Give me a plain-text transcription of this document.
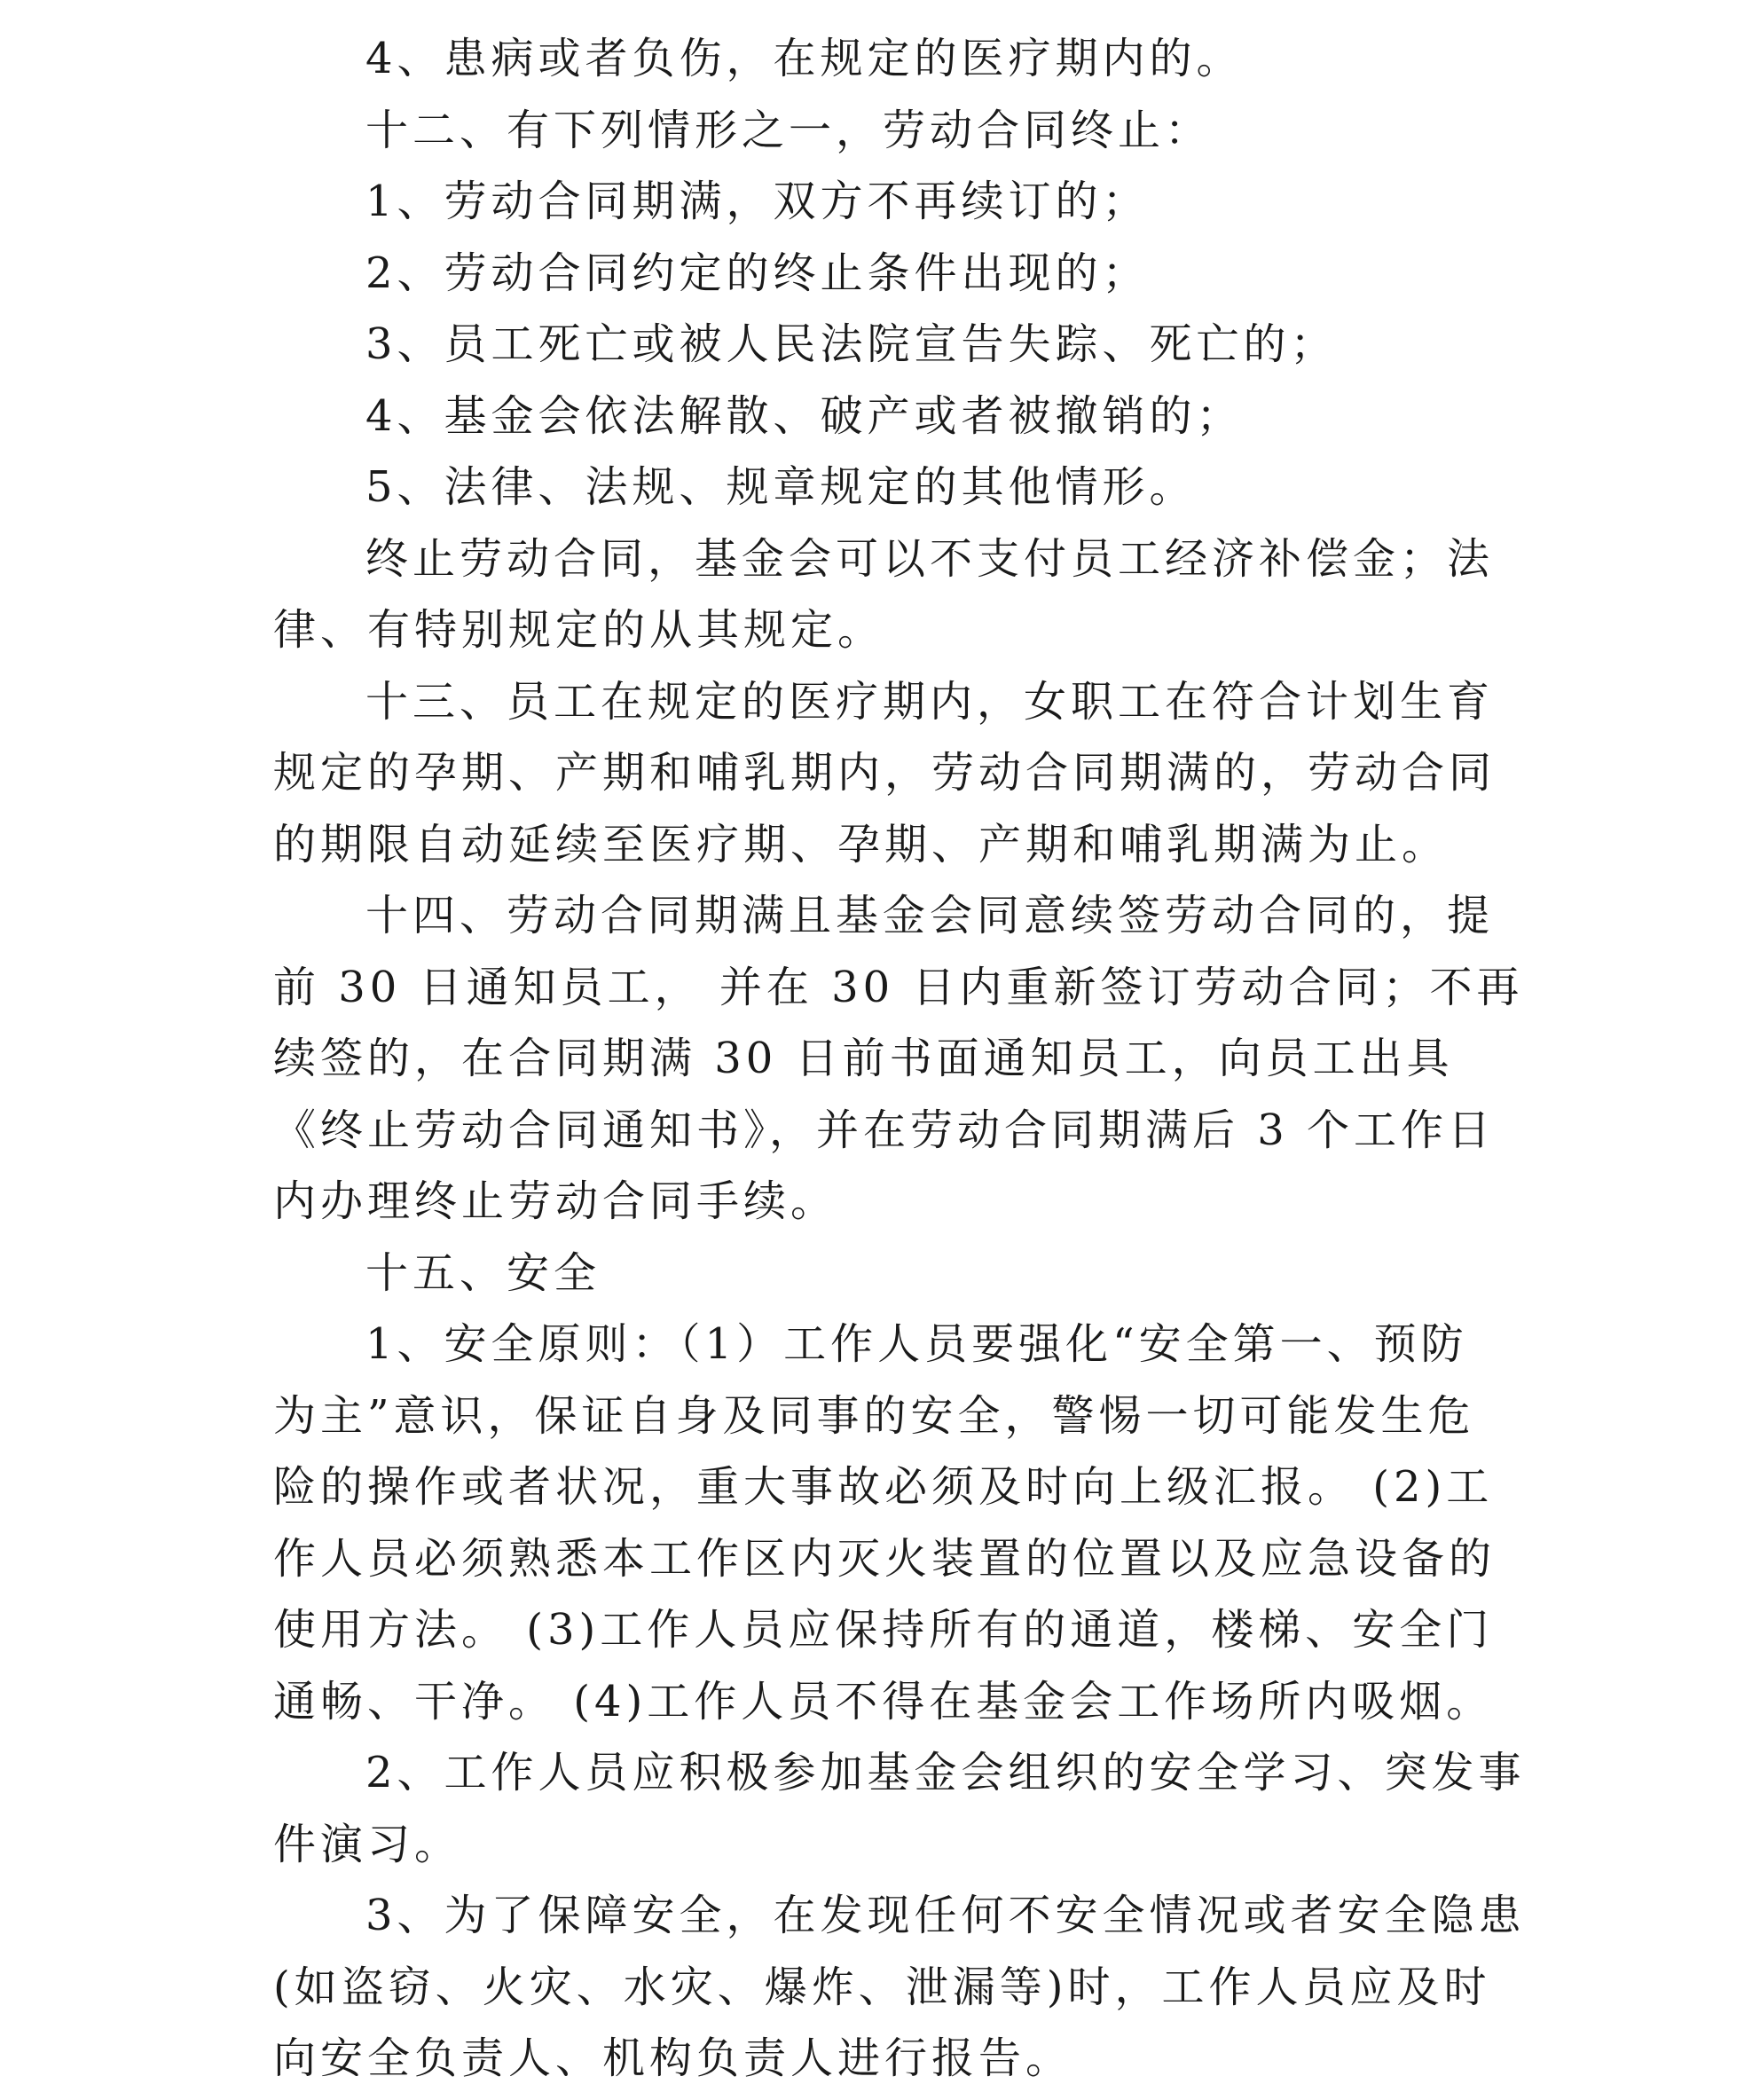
4、患病或者负伤，在规定的医疗期内的。
十二、有下列情形之一，劳动合同终止：
1、劳动合同期满，双方不再续订的；
2、劳动合同约定的终止条件出现的；
3、员工死亡或被人民法院宣告失踪、死亡的；
4、基金会依法解散、破产或者被撤销的；
5、法律、法规、规章规定的其他情形。
终止劳动合同，基金会可以不支付员工经济补偿金；法
律、有特别规定的从其规定。
十三、员工在规定的医疗期内，女职工在符合计划生育
规定的孕期、产期和哺乳期内，劳动合同期满的，劳动合同
的期限自动延续至医疗期、孕期、产期和哺乳期满为止。
十四、劳动合同期满且基金会同意续签劳动合同的，提
前 30 日通知员工， 并在 30 日内重新签订劳动合同；不再
续签的，在合同期满 30 日前书面通知员工，向员工出具
《终止劳动合同通知书》，并在劳动合同期满后 3 个工作日
内办理终止劳动合同手续。
十五、安全
1、安全原则：（1）工作人员要强化“安全第一、预防
为主”意识，保证自身及同事的安全，警惕一切可能发生危
险的操作或者状况，重大事故必须及时向上级汇报。 (2)工
作人员必须熟悉本工作区内灭火装置的位置以及应急设备的
使用方法。 (3)工作人员应保持所有的通道，楼梯、安全门
通畅、干净。 (4)工作人员不得在基金会工作场所内吸烟。
2、工作人员应积极参加基金会组织的安全学习、突发事
件演习。
3、为了保障安全，在发现任何不安全情况或者安全隐患
(如盗窃、火灾、水灾、爆炸、泄漏等)时，工作人员应及时
向安全负责人、机构负责人进行报告。
